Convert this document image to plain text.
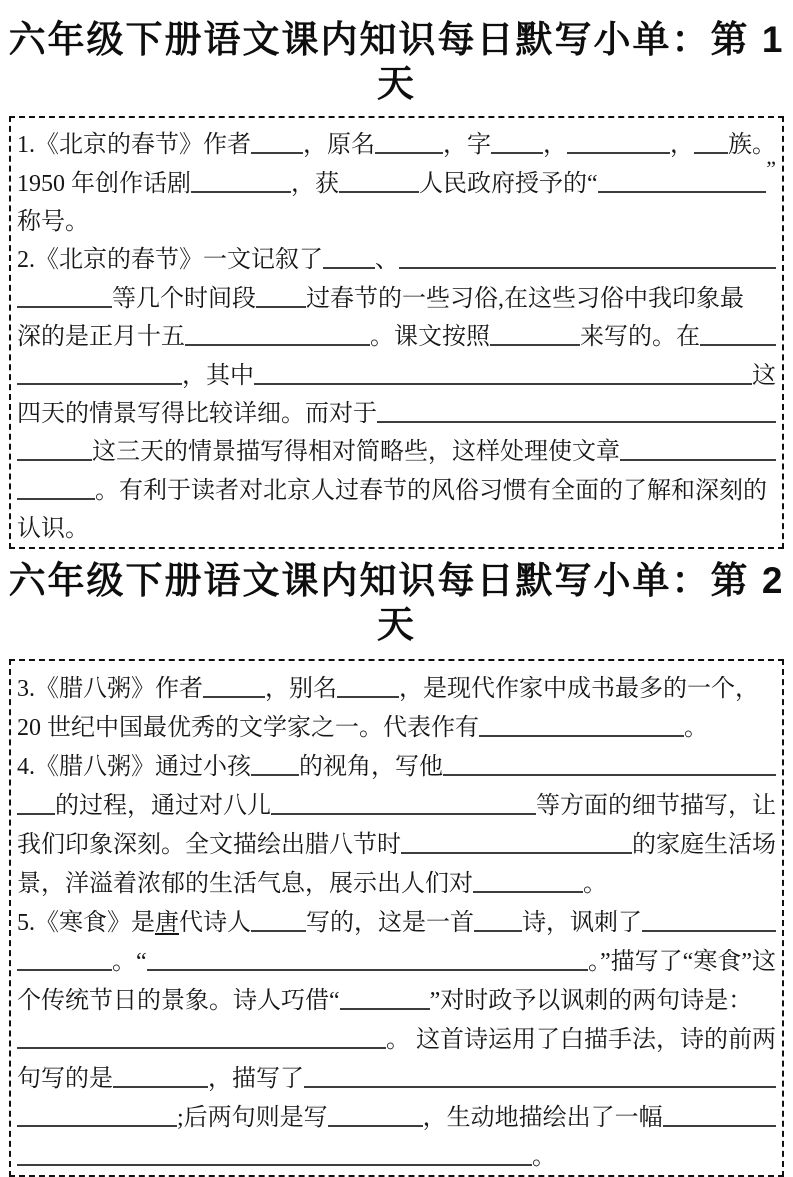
六年级下册语文课内知识每日默写小单：第 1 天
1.《北京的春节》作者 ，原名	，字 ，	， 族。
1950 年创作话剧	，获	人民政府授予的“
”
称号。
2.《北京的春节》一文记叙了 、
等几个时间段 过春节的一些习俗,在这些习俗中我印象最
深的是正月十五	。课文按照	来写的。在
，其中	这
四天的情景写得比较详细。而对于
这三天的情景描写得相对简略些，这样处理使文章
。有利于读者对北京人过春节的风俗习惯有全面的了解和深刻的
认识。
六年级下册语文课内知识每日默写小单：第 2 天
3.《腊八粥》作者	，别名	，是现代作家中成书最多的一个，
20 世纪中国最优秀的文学家之一。代表作有	。
4.《腊八粥》通过小孩 的视角，写他
的过程，通过对八儿	等方面的细节描写，让
我们印象深刻。全文描绘出腊八节时	的家庭生活场
景，洋溢着浓郁的生活气息，展示出人们对	。
5.《寒食》是 唐 代诗人 写的，这是一首 诗，讽刺了
。“	。”描写了“寒食”这
个传统节日的景象。诗人巧借“	”对时政予以讽刺的两句诗是：
。 这首诗运用了白描手法，诗的前两
句写的是	，描写了
;后两句则是写	，生动地描绘出了一幅
。
